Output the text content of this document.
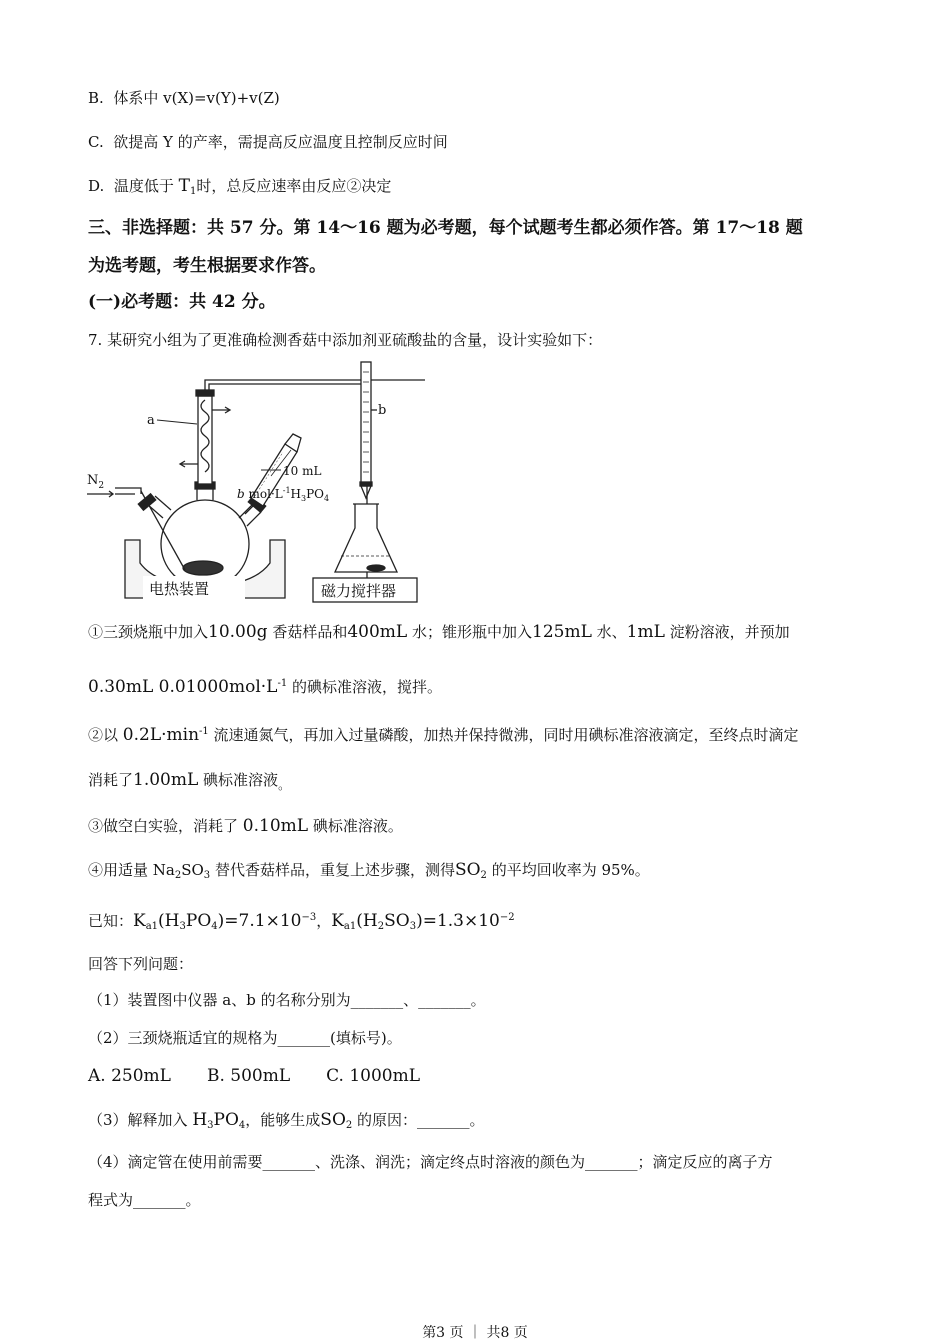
B. 体系中 v(X)=v(Y)+v(Z)
C. 欲提高 Y 的产率，需提高反应温度且控制反应时间
D. 温度低于 $T_1$时，总反应速率由反应②决定
三、非选择题：共 57 分。第 14～16 题为必考题，每个试题考生都必须作答。第 17～18 题
为选考题，考生根据要求作答。
(一)必考题：共 42 分。
7. 某研究小组为了更准确检测香菇中添加剂亚硫酸盐的含量，设计实验如下：
$N_2$
a
10 mL
b $mol\cdot L^{-1}H_3PO_4$
b
磁力搅拌器
电热装置
①三颈烧瓶中加入10.00g 香菇样品和400mL 水；锥形瓶中加入125mL 水、1mL 淀粉溶液，并预加
0.30mL $0.01000mol\cdot L^{-1}$ 的碘标准溶液，搅拌。
②以 $0.2L\cdot\min^{-1}$ 流速通氮气，再加入过量磷酸，加热并保持微沸，同时用碘标准溶液滴定，至终点时滴定
消耗了1.00mL 碘标准溶液$_。$
③做空白实验，消耗了 0.10mL 碘标准溶液。
④用适量 $Na_2SO_3$ 替代香菇样品，重复上述步骤，测得$SO_2$ 的平均回收率为 95%。
已知：$K_{a1}(H_3PO_4)=7.1\times 10^{-3}$，$K_{a1}(H_2SO_3)=1.3\times 10^{-2}$
回答下列问题：
（1）装置图中仪器 a、b 的名称分别为_______、_______。
（2）三颈烧瓶适宜的规格为_______(填标号)。
A. 250mL B. 500mL C. 1000mL
（3）解释加入 $H_3PO_4$，能够生成$SO_2$ 的原因：_______。
（4）滴定管在使用前需要_______、洗涤、润洗；滴定终点时溶液的颜色为_______；滴定反应的离子方
程式为_______。
第3 页 ｜ 共8 页
